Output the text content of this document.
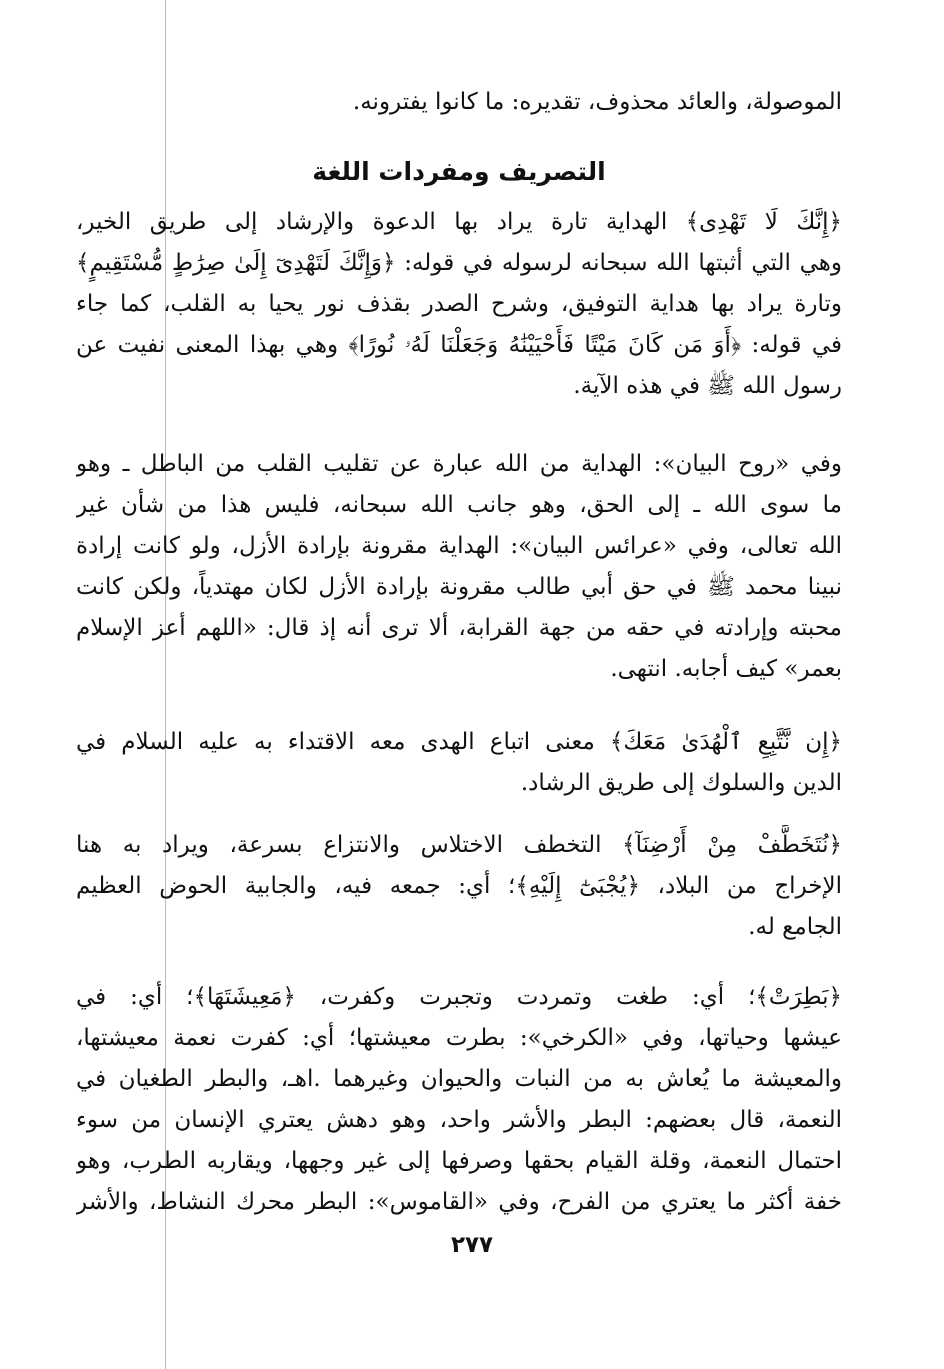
الموصولة، والعائد محذوف، تقديره: ما كانوا يفترونه.
التصريف ومفردات اللغة
﴿إِنَّكَ لَا تَهْدِى﴾ الهداية تارة يراد بها الدعوة والإرشاد إلى طريق الخير،
وهي التي أثبتها الله سبحانه لرسوله في قوله: ﴿وَإِنَّكَ لَتَهْدِىٓ إِلَىٰ صِرَٰطٍ مُّسْتَقِيمٍ﴾
وتارة يراد بها هداية التوفيق، وشرح الصدر بقذف نور يحيا به القلب، كما جاء
في قوله: ﴿أَوَ مَن كَانَ مَيْتًا فَأَحْيَيْنَٰهُ وَجَعَلْنَا لَهُۥ نُورًا﴾ وهي بهذا المعنى نفيت عن
رسول الله ﷺ في هذه الآية.
وفي «روح البيان»: الهداية من الله عبارة عن تقليب القلب من الباطل ـ وهو
ما سوى الله ـ إلى الحق، وهو جانب الله سبحانه، فليس هذا من شأن غير
الله تعالى، وفي «عرائس البيان»: الهداية مقرونة بإرادة الأزل، ولو كانت إرادة
نبينا محمد ﷺ في حق أبي طالب مقرونة بإرادة الأزل لكان مهتدياً، ولكن كانت
محبته وإرادته في حقه من جهة القرابة، ألا ترى أنه إذ قال: «اللهم أعز الإسلام
بعمر» كيف أجابه. انتهى.
﴿إِن نَّتَّبِعِ ٱلْهُدَىٰ مَعَكَ﴾ معنى اتباع الهدى معه الاقتداء به عليه السلام في
الدين والسلوك إلى طريق الرشاد.
﴿نُتَخَطَّفْ مِنْ أَرْضِنَآ﴾ التخطف الاختلاس والانتزاع بسرعة، ويراد به هنا
الإخراج من البلاد، ﴿يُجْبَىٰٓ إِلَيْهِ﴾؛ أي: جمعه فيه، والجابية الحوض العظيم
الجامع له.
﴿بَطِرَتْ﴾؛ أي: طغت وتمردت وتجبرت وكفرت، ﴿مَعِيشَتَهَا﴾؛ أي: في
عيشها وحياتها، وفي «الكرخي»: بطرت معيشتها؛ أي: كفرت نعمة معيشتها،
والمعيشة ما يُعاش به من النبات والحيوان وغيرهما .اهـ، والبطر الطغيان في
النعمة، قال بعضهم: البطر والأشر واحد، وهو دهش يعتري الإنسان من سوء
احتمال النعمة، وقلة القيام بحقها وصرفها إلى غير وجهها، ويقاربه الطرب، وهو
خفة أكثر ما يعتري من الفرح، وفي «القاموس»: البطر محرك النشاط، والأشر
٢٧٧
